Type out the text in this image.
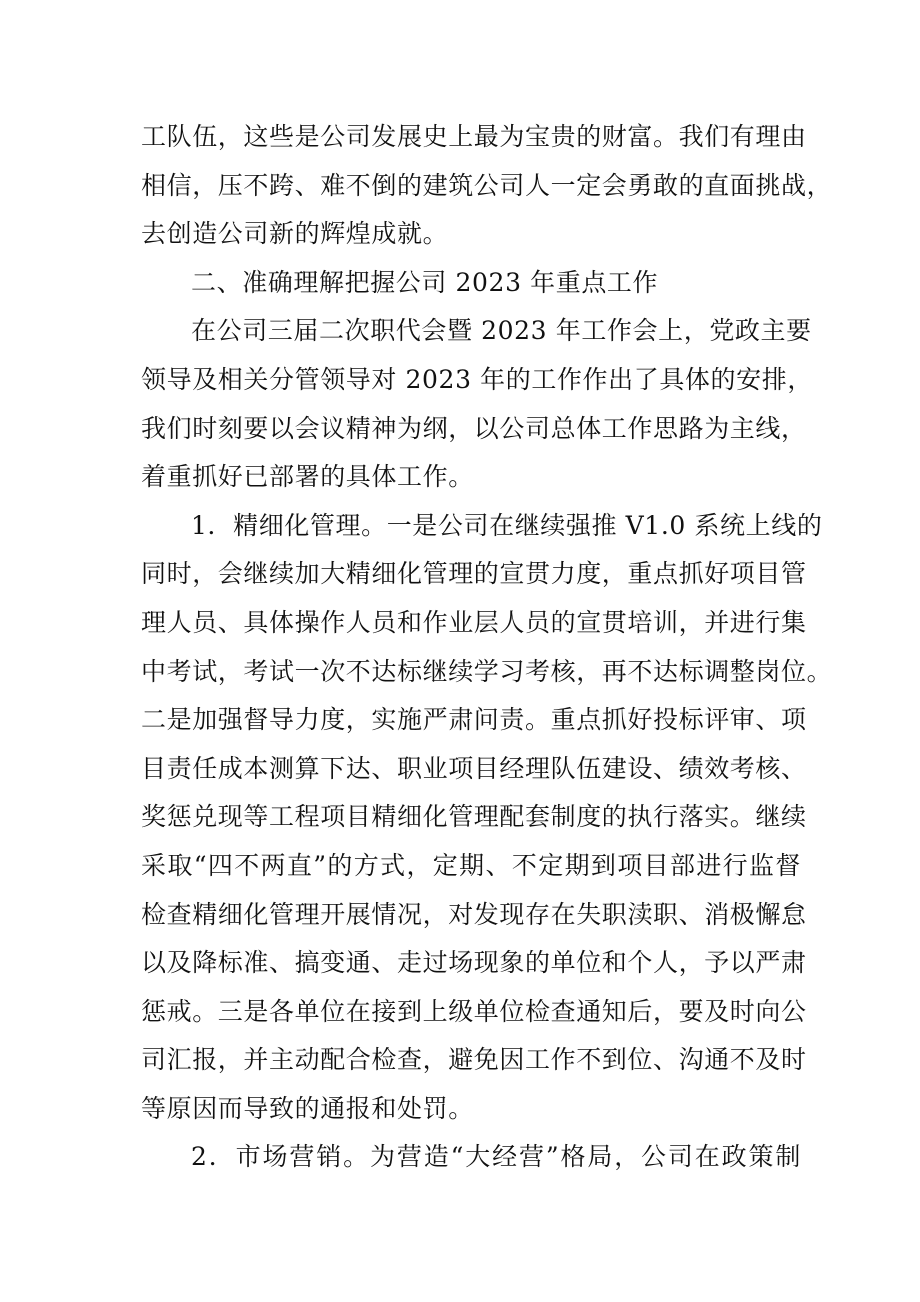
工队伍，这些是公司发展史上最为宝贵的财富。我们有理由
相信，压不跨、难不倒的建筑公司人一定会勇敢的直面挑战，
去创造公司新的辉煌成就。
二、准确理解把握公司 2023 年重点工作
在公司三届二次职代会暨 2023 年工作会上，党政主要
领导及相关分管领导对 2023 年的工作作出了具体的安排，
我们时刻要以会议精神为纲，以公司总体工作思路为主线，
着重抓好已部署的具体工作。
1．精细化管理。一是公司在继续强推 V1.0 系统上线的
同时，会继续加大精细化管理的宣贯力度，重点抓好项目管
理人员、具体操作人员和作业层人员的宣贯培训，并进行集
中考试，考试一次不达标继续学习考核，再不达标调整岗位。
二是加强督导力度，实施严肃问责。重点抓好投标评审、项
目责任成本测算下达、职业项目经理队伍建设、绩效考核、
奖惩兑现等工程项目精细化管理配套制度的执行落实。继续
采取“四不两直”的方式，定期、不定期到项目部进行监督
检查精细化管理开展情况，对发现存在失职渎职、消极懈怠
以及降标准、搞变通、走过场现象的单位和个人，予以严肃
惩戒。三是各单位在接到上级单位检查通知后，要及时向公
司汇报，并主动配合检查，避免因工作不到位、沟通不及时
等原因而导致的通报和处罚。
2．市场营销。为营造“大经营”格局，公司在政策制
